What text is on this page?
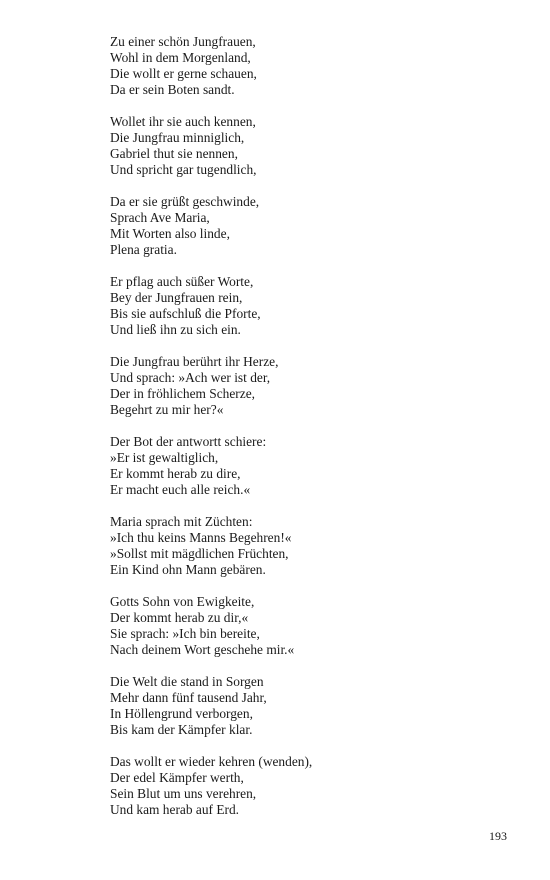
Zu einer schön Jungfrauen,
Wohl in dem Morgenland,
Die wollt er gerne schauen,
Da er sein Boten sandt.
Wollet ihr sie auch kennen,
Die Jungfrau minniglich,
Gabriel thut sie nennen,
Und spricht gar tugendlich,
Da er sie grüßt geschwinde,
Sprach Ave Maria,
Mit Worten also linde,
Plena gratia.
Er pflag auch süßer Worte,
Bey der Jungfrauen rein,
Bis sie aufschluß die Pforte,
Und ließ ihn zu sich ein.
Die Jungfrau berührt ihr Herze,
Und sprach: »Ach wer ist der,
Der in fröhlichem Scherze,
Begehrt zu mir her?«
Der Bot der antwortt schiere:
»Er ist gewaltiglich,
Er kommt herab zu dire,
Er macht euch alle reich.«
Maria sprach mit Züchten:
»Ich thu keins Manns Begehren!«
»Sollst mit mägdlichen Früchten,
Ein Kind ohn Mann gebären.
Gotts Sohn von Ewigkeite,
Der kommt herab zu dir,«
Sie sprach: »Ich bin bereite,
Nach deinem Wort geschehe mir.«
Die Welt die stand in Sorgen
Mehr dann fünf tausend Jahr,
In Höllengrund verborgen,
Bis kam der Kämpfer klar.
Das wollt er wieder kehren (wenden),
Der edel Kämpfer werth,
Sein Blut um uns verehren,
Und kam herab auf Erd.
193
